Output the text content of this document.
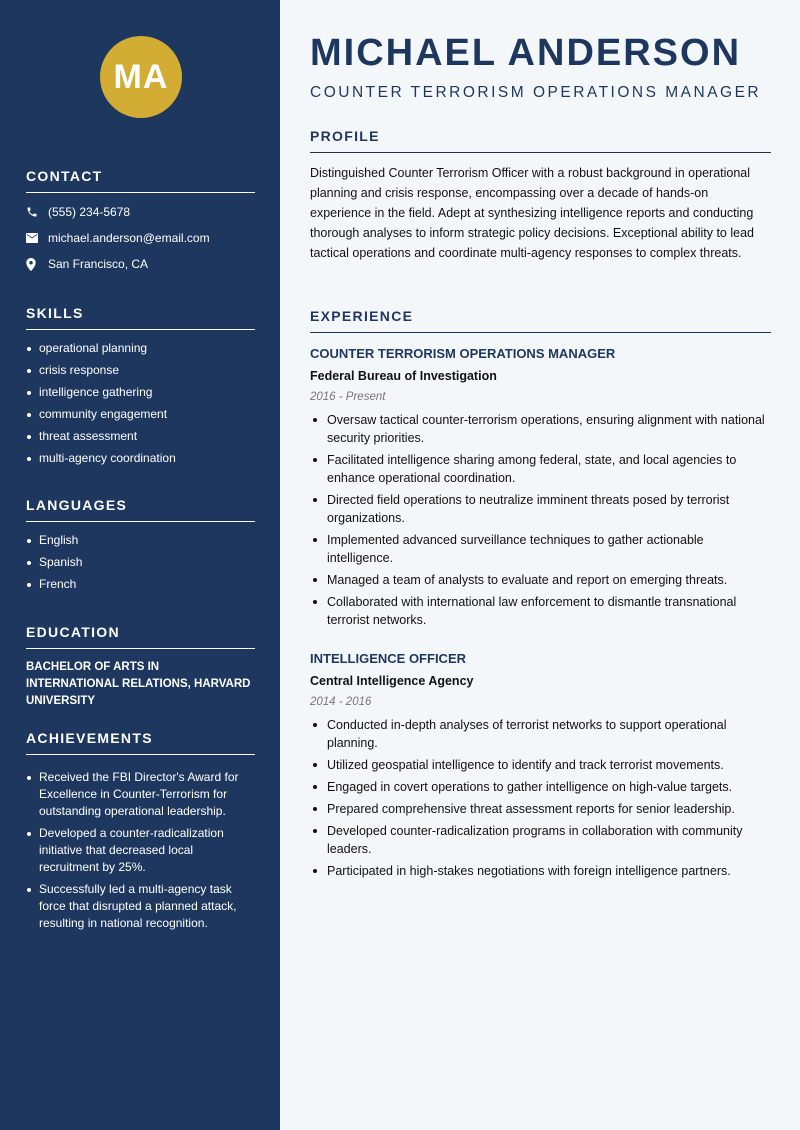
MA
CONTACT
(555) 234-5678
michael.anderson@email.com
San Francisco, CA
SKILLS
operational planning
crisis response
intelligence gathering
community engagement
threat assessment
multi-agency coordination
LANGUAGES
English
Spanish
French
EDUCATION
BACHELOR OF ARTS IN INTERNATIONAL RELATIONS, HARVARD UNIVERSITY
ACHIEVEMENTS
Received the FBI Director's Award for Excellence in Counter-Terrorism for outstanding operational leadership.
Developed a counter-radicalization initiative that decreased local recruitment by 25%.
Successfully led a multi-agency task force that disrupted a planned attack, resulting in national recognition.
MICHAEL ANDERSON
COUNTER TERRORISM OPERATIONS MANAGER
PROFILE
Distinguished Counter Terrorism Officer with a robust background in operational planning and crisis response, encompassing over a decade of hands-on experience in the field. Adept at synthesizing intelligence reports and conducting thorough analyses to inform strategic policy decisions. Exceptional ability to lead tactical operations and coordinate multi-agency responses to complex threats.
EXPERIENCE
COUNTER TERRORISM OPERATIONS MANAGER
Federal Bureau of Investigation
2016 - Present
Oversaw tactical counter-terrorism operations, ensuring alignment with national security priorities.
Facilitated intelligence sharing among federal, state, and local agencies to enhance operational coordination.
Directed field operations to neutralize imminent threats posed by terrorist organizations.
Implemented advanced surveillance techniques to gather actionable intelligence.
Managed a team of analysts to evaluate and report on emerging threats.
Collaborated with international law enforcement to dismantle transnational terrorist networks.
INTELLIGENCE OFFICER
Central Intelligence Agency
2014 - 2016
Conducted in-depth analyses of terrorist networks to support operational planning.
Utilized geospatial intelligence to identify and track terrorist movements.
Engaged in covert operations to gather intelligence on high-value targets.
Prepared comprehensive threat assessment reports for senior leadership.
Developed counter-radicalization programs in collaboration with community leaders.
Participated in high-stakes negotiations with foreign intelligence partners.
